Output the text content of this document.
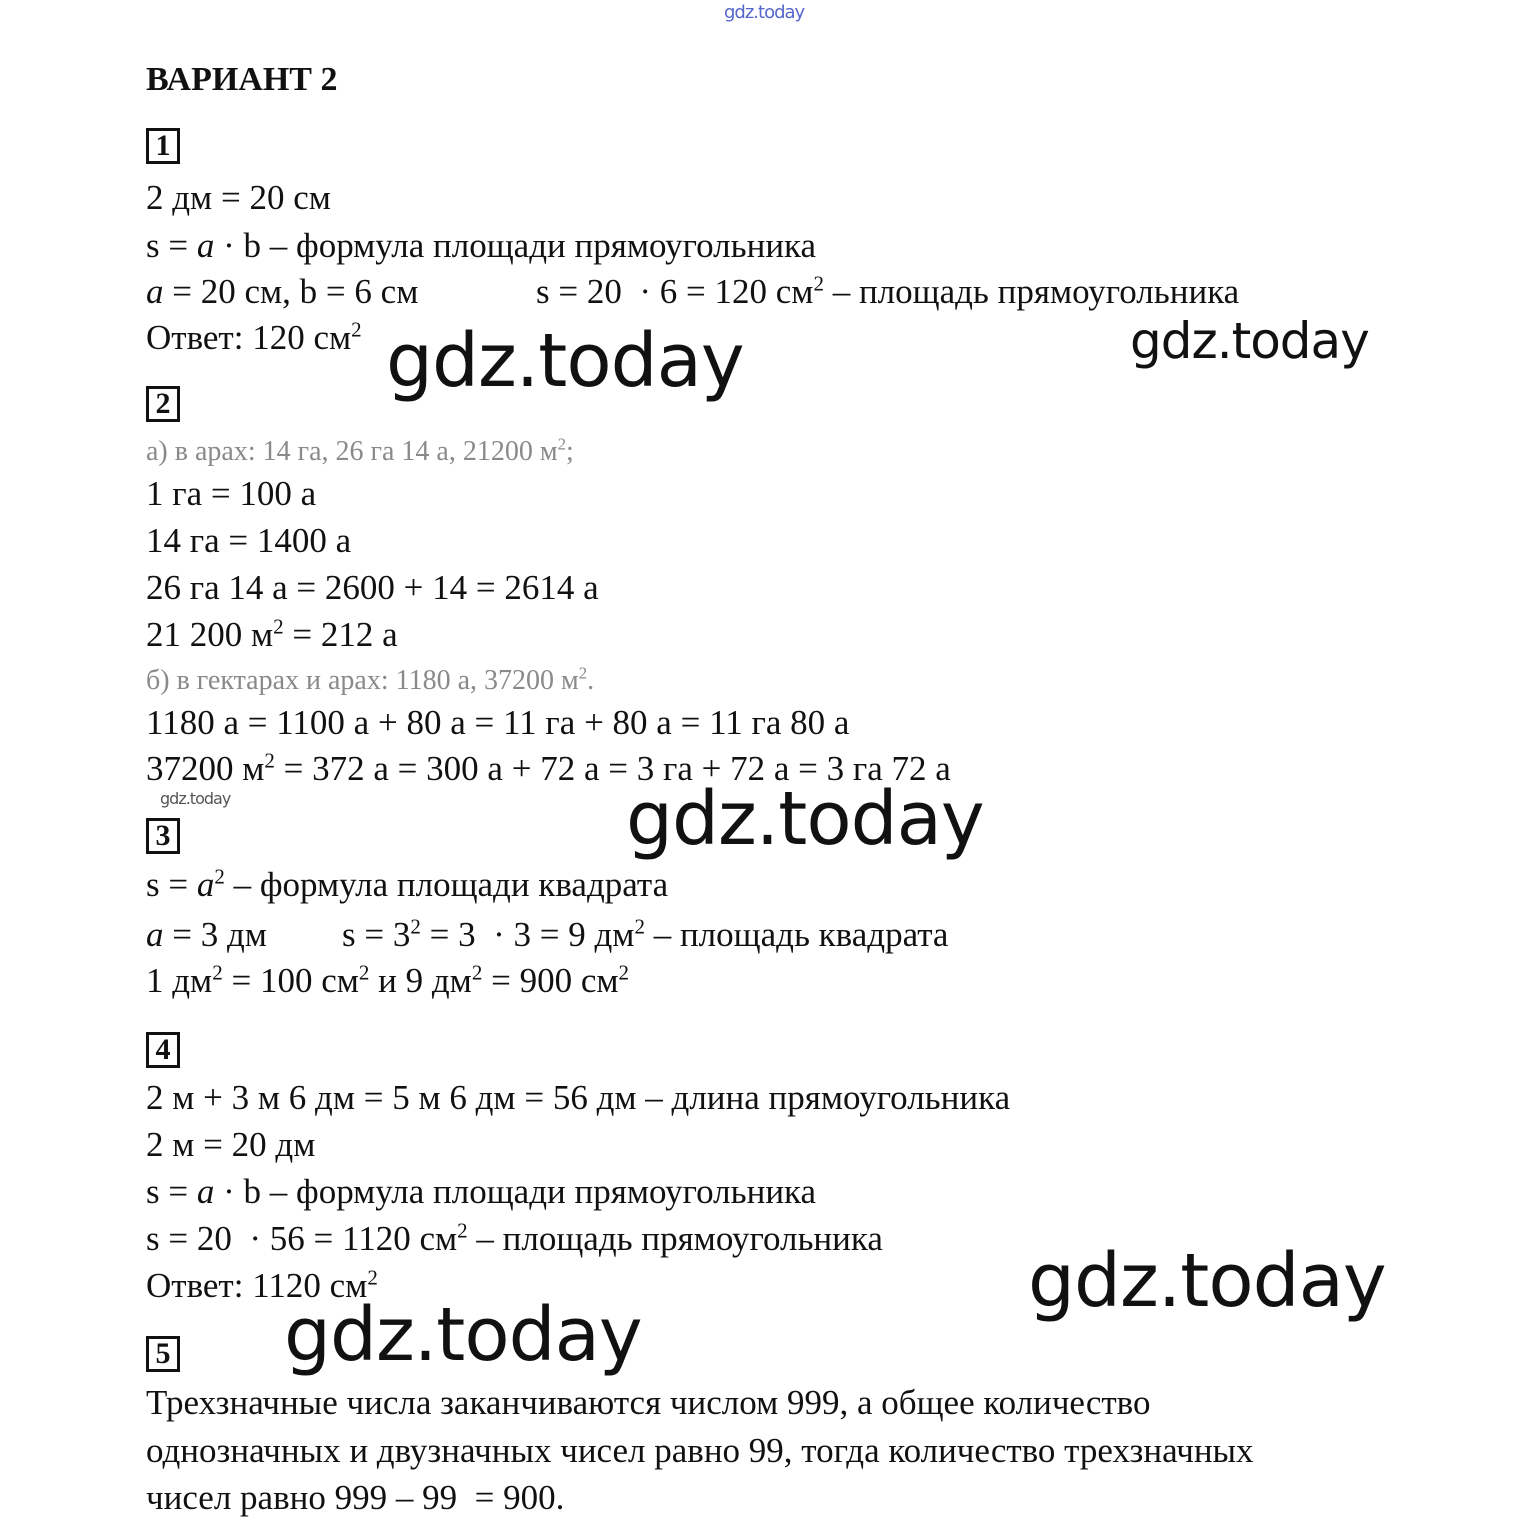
gdz.today
gdz.today	gdz.today
gdz.today	gdz.today
gdz.today
gdz.today
ВАРИАНТ 2
1
2 дм = 20 см
s = a · b – формула площади прямоугольника
a = 20 см, b = 6 см	s = 20  · 6 = 120 $см^2$ – площадь прямоугольника
Ответ: 120 $см^2$
2
а) в арах: 14 га, 26 га 14 а, 21200 $м^2$;
1 га = 100 а
14 га = 1400 а
26 га 14 а = 2600 + 14 = 2614 а
21 200 $м^2 = 212$ а
б) в гектарах и арах: 1180 а, 37200 $м^2$.
1180 а = 1100 а + 80 а = 11 га + 80 а = 11 га 80 а
37200 $м^2 = 372$ а = 300 а + 72 а = 3 га + 72 а = 3 га 72 а
3
$s = a^2$ – формула площади квадрата
a = 3 дм $s = 3^2 = 3 \cdot 3 = 9$ $дм^2$ – площадь квадрата
1 $дм^2 = 100$ $см^2$ и 9 $дм^2 = 900$ $см^2$
4
2 м + 3 м 6 дм = 5 м 6 дм = 56 дм – длина прямоугольника
2 м = 20 дм
s = a · b – формула площади прямоугольника
s = 20  · 56 = 1120 $см^2$ – площадь прямоугольника
Ответ: 1120 $см^2$
5
Трехзначные числа заканчиваются числом 999, а общее количество
однозначных и двузначных чисел равно 99, тогда количество трехзначных
чисел равно 999 – 99  = 900.
